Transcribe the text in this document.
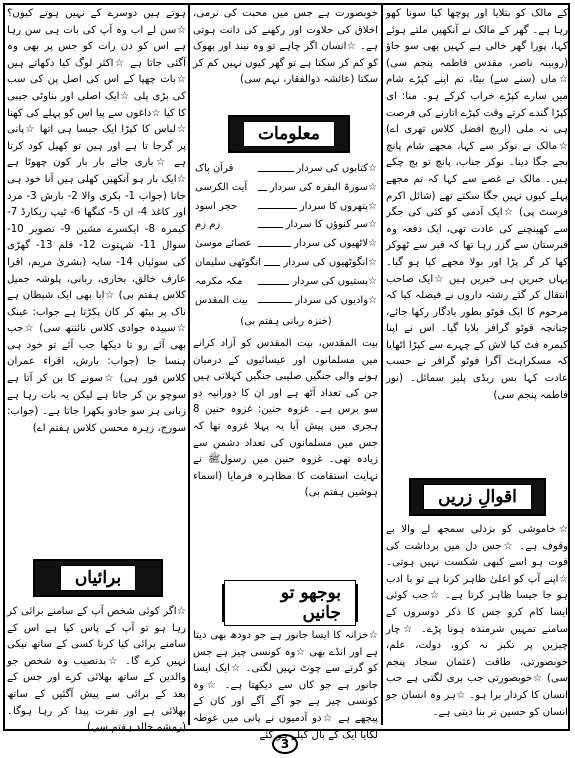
کے مالک کو بتلایا اور پوچھا کیا سونا کھو رہا ہے۔ گھر کے مالک نے آنکھیں ملتے ہوئے کہا، پورا گھر خالی ہے کہیں بھی سو جاؤ (روبینہ ناصر، مقدس فاطمہ پنجم سی) ☆ماں (سنے سے) بیٹا، تم اپنے کپڑے شام میں سارے کپڑے خراب کرکے ہو۔ منا: ای کپڑا گندے کرتے وقت کپڑے اتارنے کی فرصت ہی نہ ملی (اریج افضل کلاس تھری اے) ☆مالک نے نوکر سے کہا، مجھے شام پانچ بجے جگا دینا۔ نوکر جناب، پانچ تو بج چکے ہیں۔ مالک نے غصے سے کہا کہ تم مجھے پہلے کیوں نہیں جگا سکتے تھے (شائل اکرم فرسٹ پی) ☆ایک آدمی کو کئی کی جگر سے کھینچنے کی عادت تھی، ایک دفعہ وہ قبرستان سے گزر رہا تھا کہ قبر سے ٹھوکر کھا کر گر پڑا اور بولا مجھے کیا ہو گیا۔ یہاں خبریں ہی خبریں ہیں ☆ایک صاحب انتقال کر گئے رشتہ داروں نے فیصلہ کیا کہ مرحوم کا ایک فوٹو بطور یادگار رکھا جائے، چنانچہ فوٹو گرافر بلایا گیا۔ اس نے اپنا کیمرہ فٹ کیا لاش کے چہرے سے کپڑا اٹھایا کہ مسکراہٹ آگرا فوٹو گرافر نے حسب عادت کہا بس ریڈی پلیز سمائل۔ (نور فاطمہ پنجم سی)

اقوالِ زریں

☆خاموشی کو بزدلی سمجھ لے والا بے وقوف ہے۔ ☆جس دل میں برداشت کی قوت ہو اسے کبھی شکست نہیں ہوتی۔ ☆اپنے آپ کو اعلیٰ ظاہر کرنا ہے تو با ادب ہو جا جیسا ظاہر کرتا ہے۔ ☆جب کوئی ایسا کام کرو جس کا ذکر دوسروں کے سامنے تمہیں شرمندہ ہونا پڑے۔ ☆چار چیزیں پر تکبر نہ کرو، دولت، علم، خوبصورتی، طاقت (عثمان سجاد پنجم سی) ☆خوبصورتی جب بری لگتی ہے جب انسان کا کردار برا ہو۔ ☆ہر وہ انسان جو انسان کو حسین تر بنا دیتی ہے۔

خوبصورت ہے جس میں محبت کی نرمی، اخلاق کی حلاوت اور رکھنے کی دانت ہوتی ہے۔ ☆انسان اگر چاہے تو وہ نیند اور بھوک کو کم کر سکتا ہے تو گھر کیوں نہیں کم کر سکتا (عائشہ ذوالفقار، نہم سی)

معلومات
☆کتابوں کی سردار
قرآن پاک
☆سورۃ البقرہ کی سردار
آیت الکرسی
☆پتھروں کا سردار
حجر اسود
☆سر کنوؤں کا سردار
زم زم
☆لاٹھیوں کی سردار
عصائے موسیٰ
☆انگوٹھیوں کی سردار
انگوٹھی سلیمان
☆بستیوں کی سردار
مکہ مکرمہ
☆وادیوں کی سردار
بیت المقدس
(خنزہ ربانی ہفتم بی)

بیت المقدس، بیت المقدس کو آزاد کرانے میں مسلمانوں اور عیسائیوں کے درمیان ہونے والی جنگیں صلیبی جنگیں کہلاتی ہیں جن کی تعداد آٹھ ہے اور ان کا دورانیہ دو سو برس ہے۔ غزوہ حنین: غزوہ حنین 8 ہجری میں پیش آیا یہ پہلا غزوہ تھا کہ جس میں مسلمانوں کی تعداد دشمن سے زیادہ تھی۔ غزوہ حنین میں رسولﷺ نے نہایت استقامت کا مظاہرہ فرمایا (اسماء ہوشین ہفتم بی)

بوجھو تو جانیں

☆خزانہ کا ایسا جانور ہے جو دودھ بھی دیتا ہے اور انڈے بھی ☆وہ کونسی چیز ہے جس کو گرنے سے چوٹ نہیں لگتی۔ ☆ایک ایسا جانور ہے جو کان سے دیکھتا ہے۔ ☆وہ کونسی چیز ہے جو آگے آگے اور کان کے پیچھے ہے ☆دو آدمیوں نے پانی میں غوطہ لگایا ایک کے بال گیلے ہو گئے

ہوتے ہیں دوسرے کے نہیں ہوتے کیوں؟ ☆سن لے اب وہ آپ کی بات ہی سن رہا ہے اس کو دن رات کو جس پر بھی وہ آگئی جاتا ہے ☆اکثر لوگ کیا دکھاتے ہیں ☆بات چھپا کے اس کی اصل پن کی سب کی بڑی پلی ☆ایک اصلی اور بناوٹی جیبی کا کیا ☆داغوں سے پیا اس کو پہلے کی کھنا ☆لباس کا کپڑا ایک جیسا ہی اتھا ☆پانی پر گرجا تا ہے اور ہیں تو کھیل کود کرتا ہے ☆باری جائے بار بار کون چھوٹا ہے ☆ایک بار ہو آنکھیں کھلی ہیں آنا خود ہی جانا (جواب 1- بکری والا 2- بارش 3- مرد اور کاغذ 4- ان 5- کنگھا 6- ٹیپ ریکارڈ 7- کیمرہ 8- ایکسرے مشین 9- تصویر 10- سوال 11- شہتوت 12- قلم 13- گھڑی کی سوئیاں 14- سایہ (بشریٰ مریم، اقرا عارف خالق، بخاری، ربانی، پلوشہ جمیل کلاس ہفتم بی) ☆ابا بھی ایک شیطان ہے ناک پر بیٹھ کر کان پکڑتا ہے جواب: عینک ☆سپیدہ جوادی کلاس نائنتھ سی) ☆جب بھی آئے رو تا دیکھا جب آئے تو خود ہی ہنسا جا (جواب: بارش، اقراء عمران کلاس فور ہی) ☆سونے کا بن کر آتا ہے سوچو بن کر جاتا ہے لیکن یہ بات رہا ہے زبانی ہر سو جادو بکھرا جاتا ہے۔ (جواب: سورج، زہرہ محسن کلاس ہفتم اے)

برائیاں

☆اگر کوئی شخص آپ کے سامنے برائی کر رہا ہو تو آپ کے پاس کیا ہے اس کے سامنے برائی کیا کرنا کسی کے ساتھ نیکی نہیں کرے گا۔ ☆بدنصیب وہ شخص جو والدین کے ساتھ بھلائی کرے اور جس کے بعد کے برائی سے پیش آگئیں کے ساتھ بھلائی ہے اور نفرت پیدا کر رہا ہوگا۔ (رمشہ خالد ہفتم سی)

3
